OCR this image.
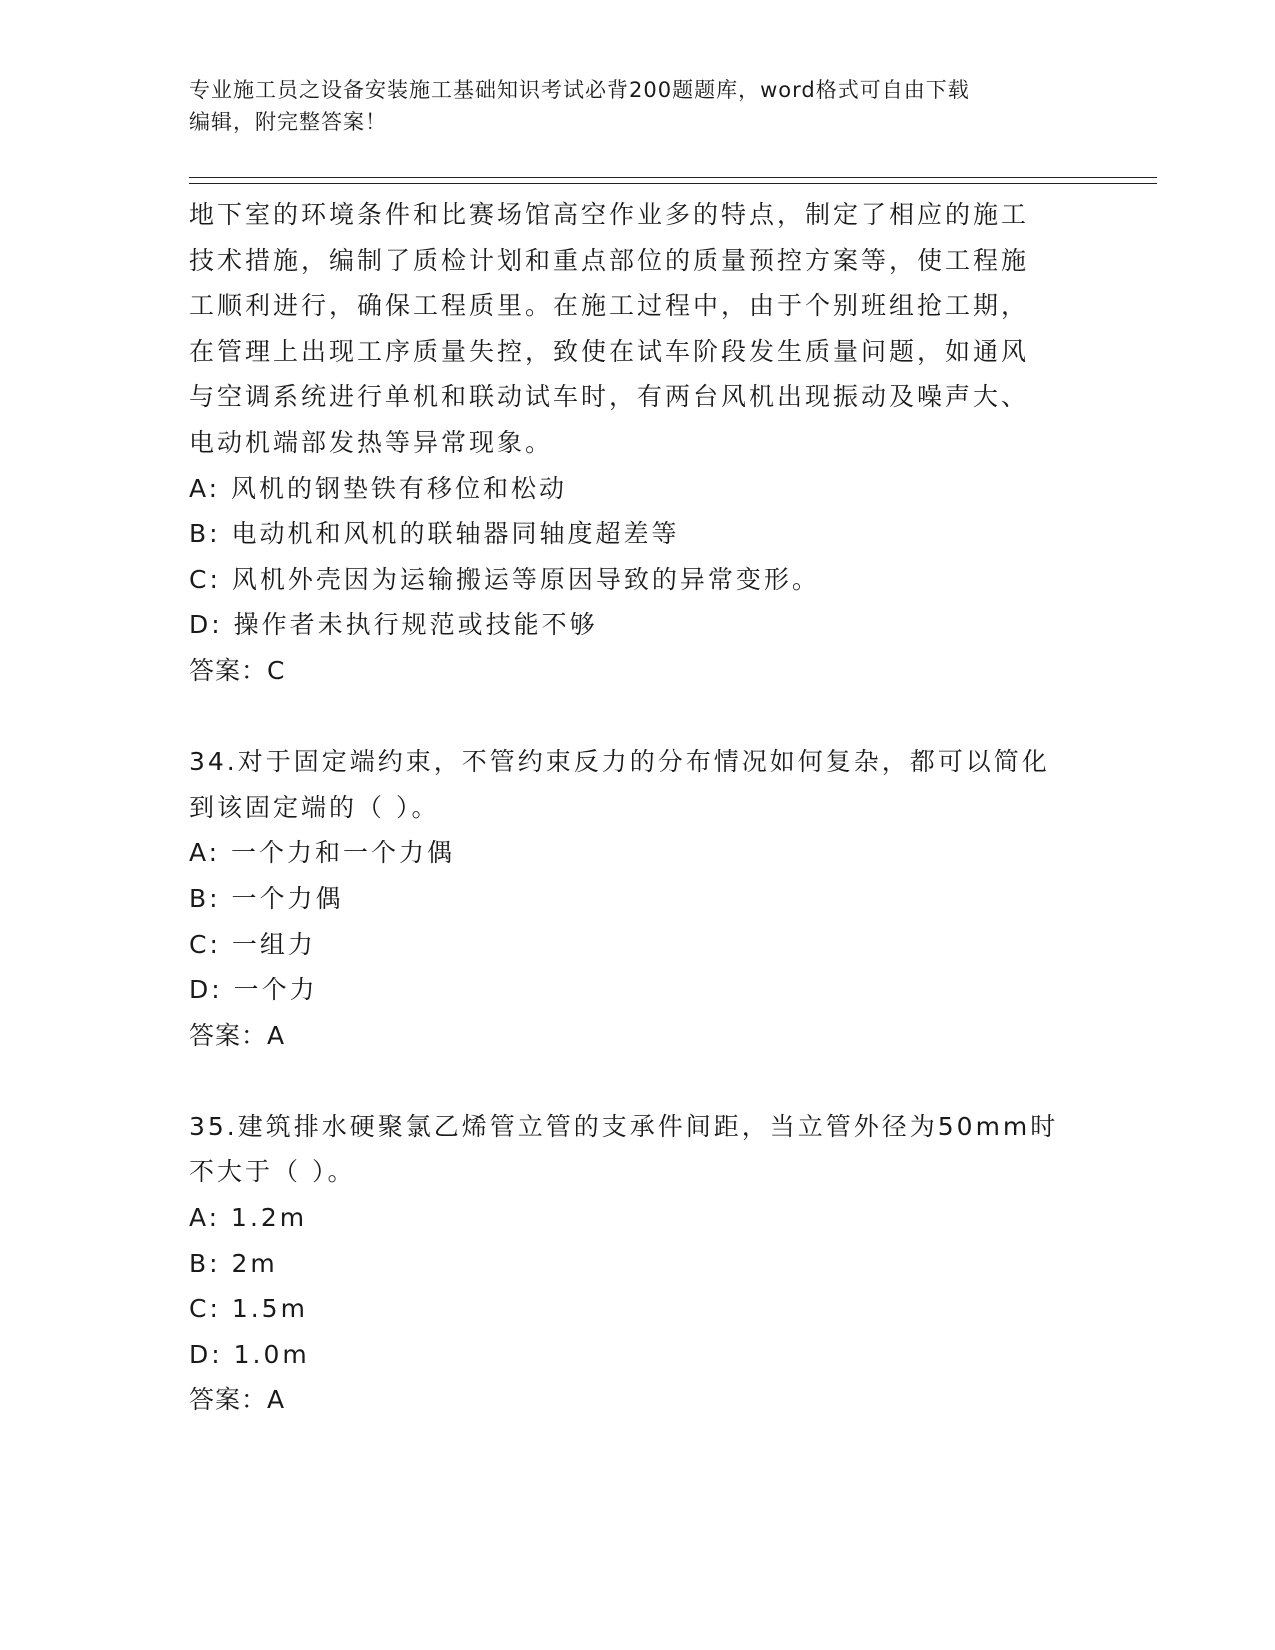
专业施工员之设备安装施工基础知识考试必背200题题库，word格式可自由下载
编辑，附完整答案！
地下室的环境条件和比赛场馆高空作业多的特点，制定了相应的施工
技术措施，编制了质检计划和重点部位的质量预控方案等，使工程施
工顺利进行，确保工程质里。在施工过程中，由于个别班组抢工期，
在管理上出现工序质量失控，致使在试车阶段发生质量问题，如通风
与空调系统进行单机和联动试车时，有两台风机出现振动及噪声大、
电动机端部发热等异常现象。
A: 风机的钢垫铁有移位和松动
B: 电动机和风机的联轴器同轴度超差等
C: 风机外壳因为运输搬运等原因导致的异常变形。
D: 操作者未执行规范或技能不够
答案：C
34.对于固定端约束，不管约束反力的分布情况如何复杂，都可以简化
到该固定端的（ ）。
A: 一个力和一个力偶
B: 一个力偶
C: 一组力
D: 一个力
答案：A
35.建筑排水硬聚氯乙烯管立管的支承件间距，当立管外径为50mm时
不大于（ ）。
A: 1.2m
B: 2m
C: 1.5m
D: 1.0m
答案：A
